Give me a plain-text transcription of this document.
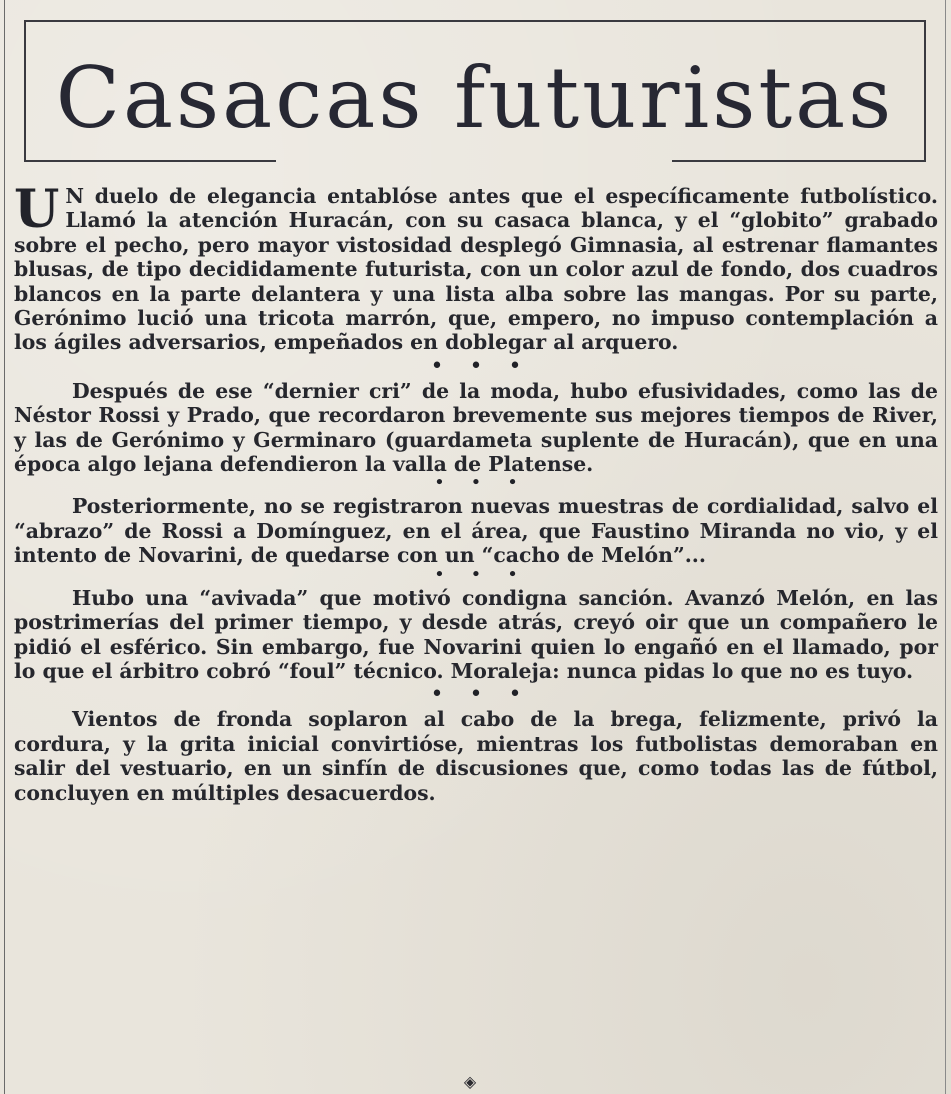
Casacas futuristas

U N duelo de elegancia entablóse antes que el específicamente futbolístico. Llamó la atención Huracán, con su casaca blanca, y el “globito” grabado sobre el pecho, pero mayor vistosidad desplegó Gimnasia, al estrenar flamantes blusas, de tipo decididamente futurista, con un color azul de fondo, dos cuadros blancos en la parte delantera y una lista alba sobre las mangas. Por su parte, Gerónimo lució una tricota marrón, que, empero, no impuso contemplación a los ágiles adversarios, empeñados en doblegar al arquero.

•••

Después de ese “dernier cri” de la moda, hubo efusividades, como las de Néstor Rossi y Prado, que recordaron brevemente sus mejores tiempos de River, y las de Gerónimo y Germinaro (guardameta suplente de Huracán), que en una época algo lejana defendieron la valla de Platense.

•••

Posteriormente, no se registraron nuevas muestras de cordialidad, salvo el “abrazo” de Rossi a Domínguez, en el área, que Faustino Miranda no vio, y el intento de Novarini, de quedarse con un “cacho de Melón”...

•••

Hubo una “avivada” que motivó condigna sanción. Avanzó Melón, en las postrimerías del primer tiempo, y desde atrás, creyó oir que un compañero le pidió el esférico. Sin embargo, fue Novarini quien lo engañó en el llamado, por lo que el árbitro cobró “foul” técnico. Moraleja: nunca pidas lo que no es tuyo.

•••

Vientos de fronda soplaron al cabo de la brega, felizmente, privó la cordura, y la grita inicial convirtióse, mientras los futbolistas demoraban en salir del vestuario, en un sinfín de discusiones que, como todas las de fútbol, concluyen en múltiples desacuerdos.

◈
